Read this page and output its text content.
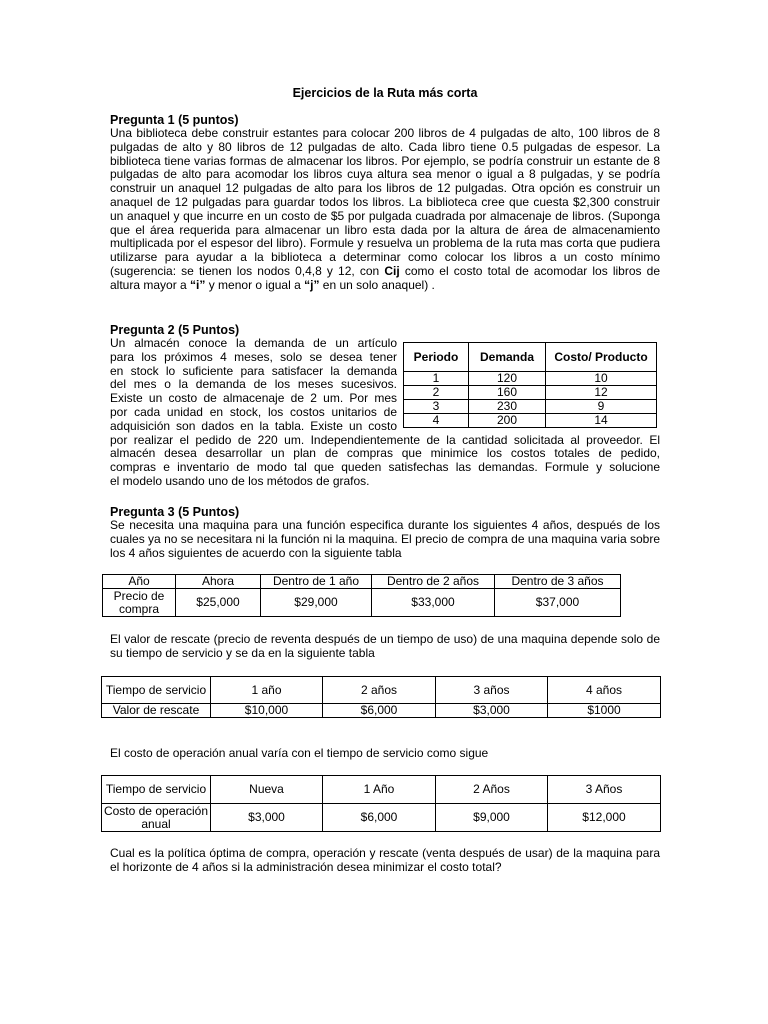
Ejercicios de la Ruta más corta
Pregunta 1 (5 puntos)
Una biblioteca debe construir estantes para colocar 200 libros de 4 pulgadas de alto, 100 libros de 8 pulgadas de alto y 80 libros de 12 pulgadas de alto. Cada libro tiene 0.5 pulgadas de espesor. La biblioteca tiene varias formas de almacenar los libros. Por ejemplo, se podría construir un estante de 8 pulgadas de alto para acomodar los libros cuya altura sea menor o igual a 8 pulgadas, y se podría construir un anaquel 12 pulgadas de alto para los libros de 12 pulgadas. Otra opción es construir un anaquel de 12 pulgadas para guardar todos los libros. La biblioteca cree que cuesta $2,300 construir un anaquel y que incurre en un costo de $5 por pulgada cuadrada por almacenaje de libros. (Suponga que el área requerida para almacenar un libro esta dada por la altura de área de almacenamiento multiplicada por el espesor del libro). Formule y resuelva un problema de la ruta mas corta que pudiera utilizarse para ayudar a la biblioteca a determinar como colocar los libros a un costo mínimo (sugerencia: se tienen los nodos 0,4,8 y 12, con Cij como el costo total de acomodar los libros de altura mayor a “i” y menor o igual a “j” en un solo anaquel) .
Pregunta 2 (5 Puntos)
Un almacén conoce la demanda de un artículo
para los próximos 4 meses, solo se desea tener
en stock lo suficiente para satisfacer la demanda
del mes o la demanda de los meses sucesivos.
Existe un costo de almacenaje de 2 um. Por mes
por cada unidad en stock, los costos unitarios de
adquisición son dados en la tabla. Existe un costo
por realizar el pedido de 220 um. Independientemente de la cantidad solicitada al proveedor. El
almacén desea desarrollar un plan de compras que minimice los costos totales de pedido,
compras e inventario de modo tal que queden satisfechas las demandas. Formule y solucione
el modelo usando uno de los métodos de grafos.
Periodo	Demanda	Costo/ Producto
1	120	10
2	160	12
3	230	9
4	200	14
Pregunta 3 (5 Puntos)
Se necesita una maquina para una función especifica durante los siguientes 4 años, después de los cuales ya no se necesitara ni la función ni la maquina. El precio de compra de una maquina varia sobre los 4 años siguientes de acuerdo con la siguiente tabla
Año	Ahora	Dentro de 1 año	Dentro de 2 años	Dentro de 3 años
Precio de compra	$25,000	$29,000	$33,000	$37,000
El valor de rescate (precio de reventa después de un tiempo de uso) de una maquina depende solo de su tiempo de servicio y se da en la siguiente tabla
Tiempo de servicio	1 año	2 años	3 años	4 años
Valor de rescate	$10,000	$6,000	$3,000	$1000
El costo de operación anual varía con el tiempo de servicio como sigue
Tiempo de servicio	Nueva	1 Año	2 Años	3 Años
Costo de operación anual	$3,000	$6,000	$9,000	$12,000
Cual es la política óptima de compra, operación y rescate (venta después de usar) de la maquina para el horizonte de 4 años si la administración desea minimizar el costo total?
